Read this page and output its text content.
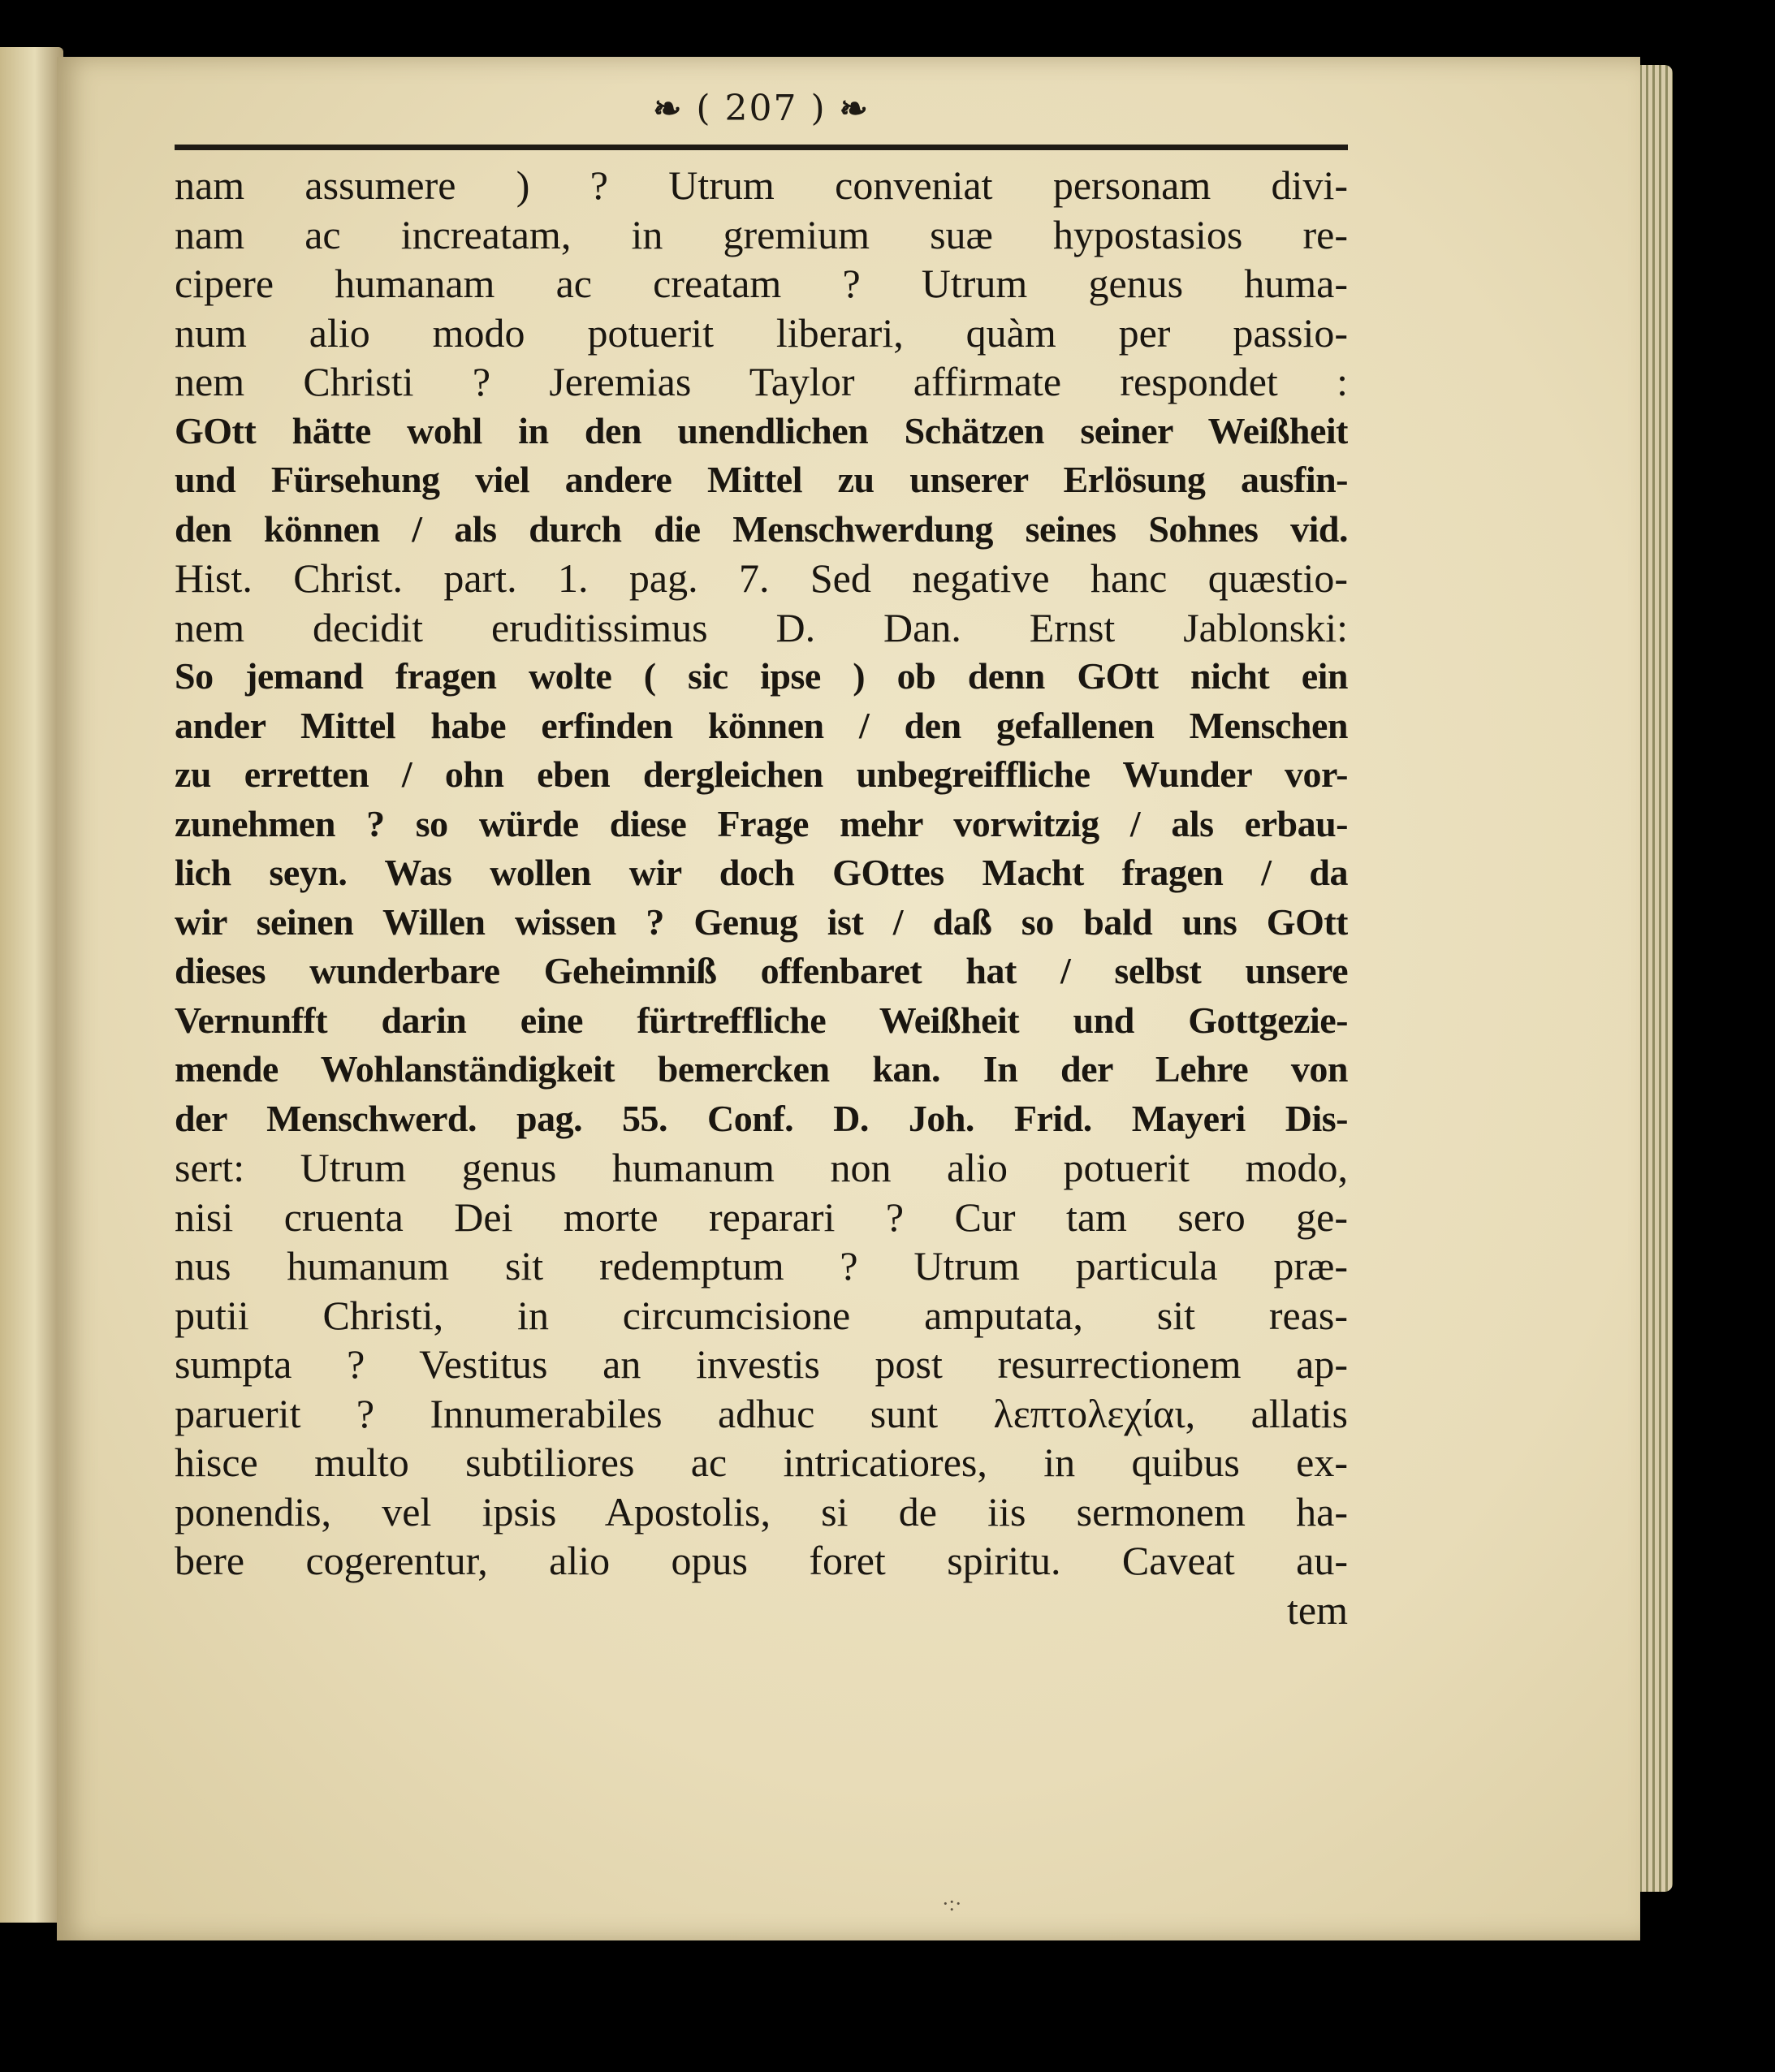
❧ ( 207 ) ❧
nam assumere ) ? Utrum conveniat personam divi-
nam ac increatam, in gremium suæ hypostasios re-
cipere humanam ac creatam ? Utrum genus huma-
num alio modo potuerit liberari, quàm per passio-
nem Christi ? Jeremias Taylor affirmate respondet :
GOtt hätte wohl in den unendlichen Schätzen seiner Weißheit
und Fürsehung viel andere Mittel zu unserer Erlösung ausfin-
den können / als durch die Menschwerdung seines Sohnes vid.
Hist. Christ. part. 1. pag. 7. Sed negative hanc quæstio-
nem decidit eruditissimus D. Dan. Ernst Jablonski:
So jemand fragen wolte ( sic ipse ) ob denn GOtt nicht ein
ander Mittel habe erfinden können / den gefallenen Menschen
zu erretten / ohn eben dergleichen unbegreiffliche Wunder vor-
zunehmen ? so würde diese Frage mehr vorwitzig / als erbau-
lich seyn. Was wollen wir doch GOttes Macht fragen / da
wir seinen Willen wissen ? Genug ist / daß so bald uns GOtt
dieses wunderbare Geheimniß offenbaret hat / selbst unsere
Vernunfft darin eine fürtreffliche Weißheit und Gottgezie-
mende Wohlanständigkeit bemercken kan. In der Lehre von
der Menschwerd. pag. 55. Conf. D. Joh. Frid. Mayeri Dis-
sert: Utrum genus humanum non alio potuerit modo,
nisi cruenta Dei morte reparari ? Cur tam sero ge-
nus humanum sit redemptum ? Utrum particula præ-
putii Christi, in circumcisione amputata, sit reas-
sumpta ? Vestitus an investis post resurrectionem ap-
paruerit ? Innumerabiles adhuc sunt λεπτολεχίαι, allatis
hisce multo subtiliores ac intricatiores, in quibus ex-
ponendis, vel ipsis Apostolis, si de iis sermonem ha-
bere cogerentur, alio opus foret spiritu. Caveat au-
tem

·:·
